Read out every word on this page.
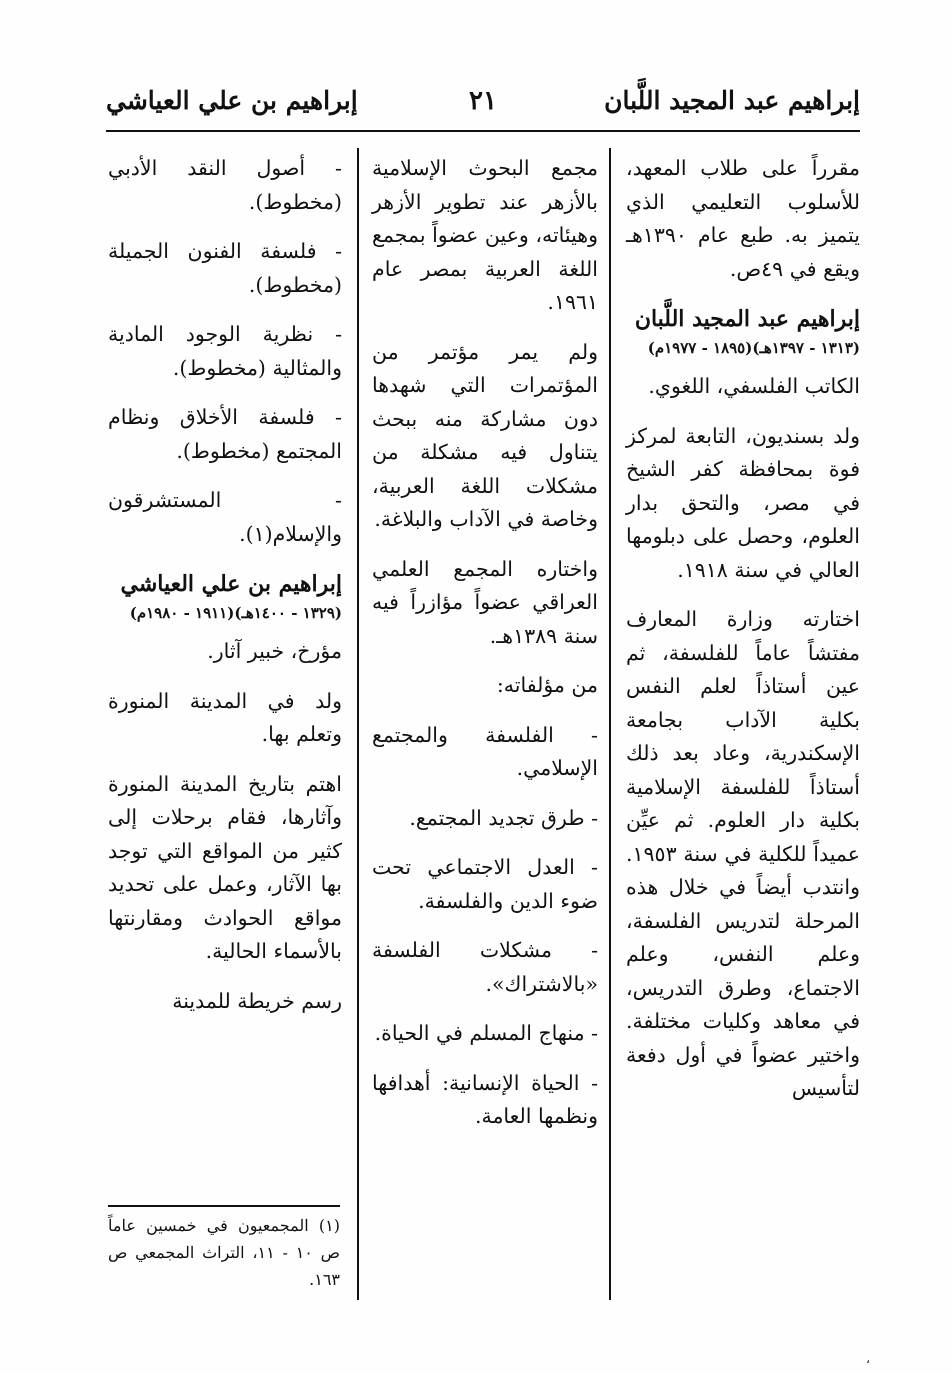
إبراهيم عبد المجيد اللَّبان
٢١
إبراهيم بن علي العياشي

مقرراً على طلاب المعهد، للأسلوب التعليمي الذي يتميز به. طبع عام ١٣٩٠هـ ويقع في ٤٩ص.

إبراهيم عبد المجيد اللَّبان
(١٣١٣ - ١٣٩٧هـ)(١٨٩٥ - ١٩٧٧م)

الكاتب الفلسفي، اللغوي.

ولد بسنديون، التابعة لمركز فوة بمحافظة كفر الشيخ في مصر، والتحق بدار العلوم، وحصل على دبلومها العالي في سنة ١٩١٨.

اختارته وزارة المعارف مفتشاً عاماً للفلسفة، ثم عين أستاذاً لعلم النفس بكلية الآداب بجامعة الإسكندرية، وعاد بعد ذلك أستاذاً للفلسفة الإسلامية بكلية دار العلوم. ثم عيِّن عميداً للكلية في سنة ١٩٥٣. وانتدب أيضاً في خلال هذه المرحلة لتدريس الفلسفة، وعلم النفس، وعلم الاجتماع، وطرق التدريس، في معاهد وكليات مختلفة. واختير عضواً في أول دفعة لتأسيس

مجمع البحوث الإسلامية بالأزهر عند تطوير الأزهر وهيئاته، وعين عضواً بمجمع اللغة العربية بمصر عام ١٩٦١.

ولم يمر مؤتمر من المؤتمرات التي شهدها دون مشاركة منه ببحث يتناول فيه مشكلة من مشكلات اللغة العربية، وخاصة في الآداب والبلاغة.

واختاره المجمع العلمي العراقي عضواً مؤازراً فيه سنة ١٣٨٩هـ.

من مؤلفاته:

- الفلسفة والمجتمع الإسلامي.

- طرق تجديد المجتمع.

- العدل الاجتماعي تحت ضوء الدين والفلسفة.

- مشكلات الفلسفة «بالاشتراك».

- منهاج المسلم في الحياة.

- الحياة الإنسانية: أهدافها ونظمها العامة.

- أصول النقد الأدبي (مخطوط).

- فلسفة الفنون الجميلة (مخطوط).

- نظرية الوجود المادية والمثالية (مخطوط).

- فلسفة الأخلاق ونظام المجتمع (مخطوط).

- المستشرقون والإسلام(١).

إبراهيم بن علي العياشي
(١٣٢٩ - ١٤٠٠هـ)(١٩١١ - ١٩٨٠م)

مؤرخ، خبير آثار.

ولد في المدينة المنورة وتعلم بها.

اهتم بتاريخ المدينة المنورة وآثارها، فقام برحلات إلى كثير من المواقع التي توجد بها الآثار، وعمل على تحديد مواقع الحوادث ومقارنتها بالأسماء الحالية.

رسم خريطة للمدينة

(١) المجمعيون في خمسين عاماً ص ١٠ - ١١، التراث المجمعي ص ١٦٣.
،
